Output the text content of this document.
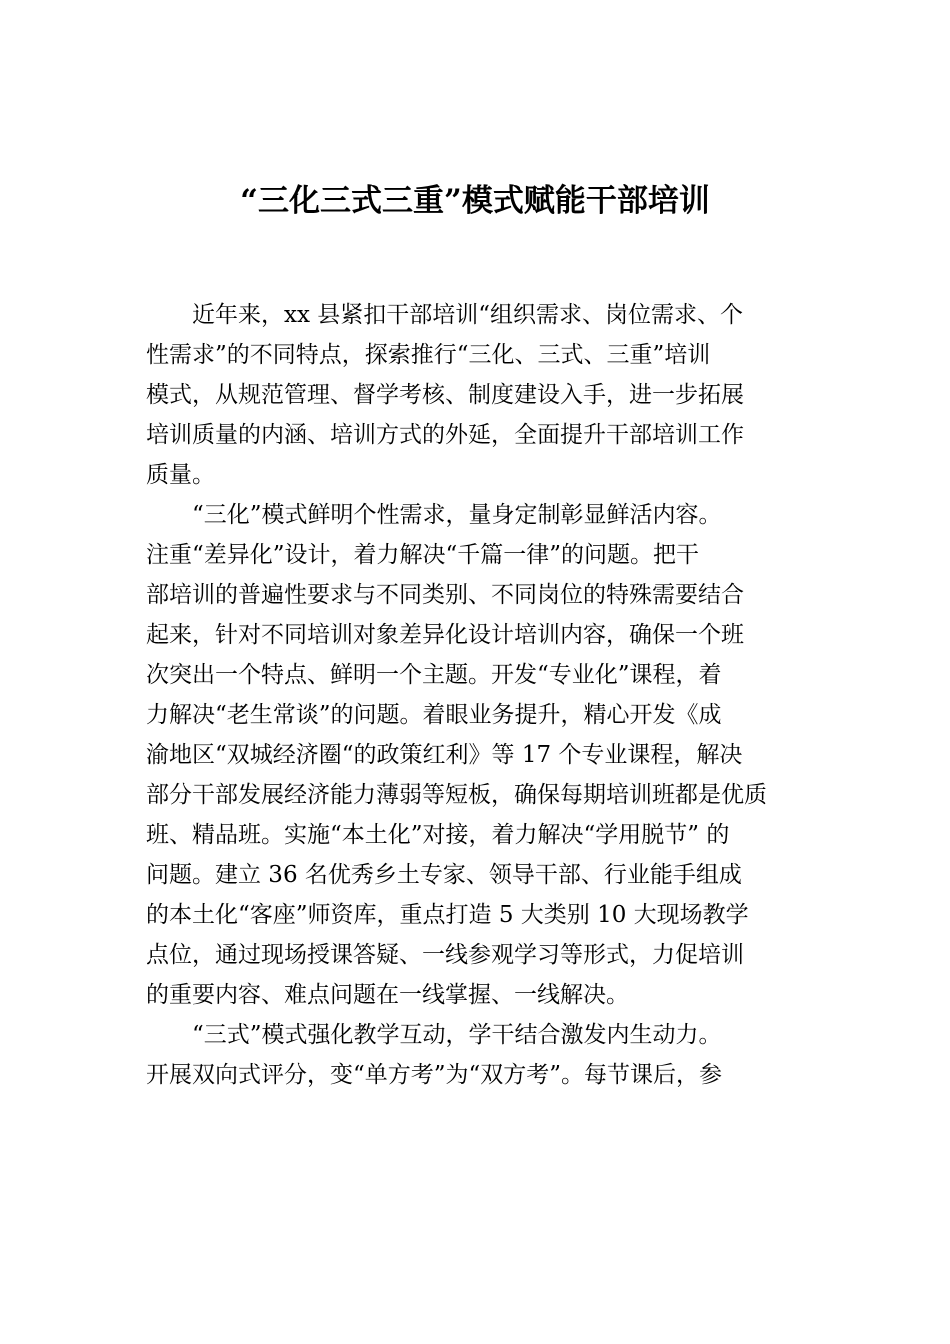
“三化三式三重”模式赋能干部培训
　　近年来，xx 县紧扣干部培训“组织需求、岗位需求、个
性需求”的不同特点，探索推行“三化、三式、三重”培训
模式，从规范管理、督学考核、制度建设入手，进一步拓展
培训质量的内涵、培训方式的外延，全面提升干部培训工作
质量。
　　“三化”模式鲜明个性需求，量身定制彰显鲜活内容。
注重“差异化”设计，着力解决“千篇一律”的问题。把干
部培训的普遍性要求与不同类别、不同岗位的特殊需要结合
起来，针对不同培训对象差异化设计培训内容，确保一个班
次突出一个特点、鲜明一个主题。开发“专业化”课程，着
力解决“老生常谈”的问题。着眼业务提升，精心开发《成
渝地区“双城经济圈“的政策红利》等 17 个专业课程，解决
部分干部发展经济能力薄弱等短板，确保每期培训班都是优质
班、精品班。实施“本土化”对接，着力解决“学用脱节” 的
问题。建立 36 名优秀乡土专家、领导干部、行业能手组成
的本土化“客座”师资库，重点打造 5 大类别 10 大现场教学
点位，通过现场授课答疑、一线参观学习等形式，力促培训
的重要内容、难点问题在一线掌握、一线解决。
　　“三式”模式强化教学互动，学干结合激发内生动力。
开展双向式评分，变“单方考”为“双方考”。每节课后，参
